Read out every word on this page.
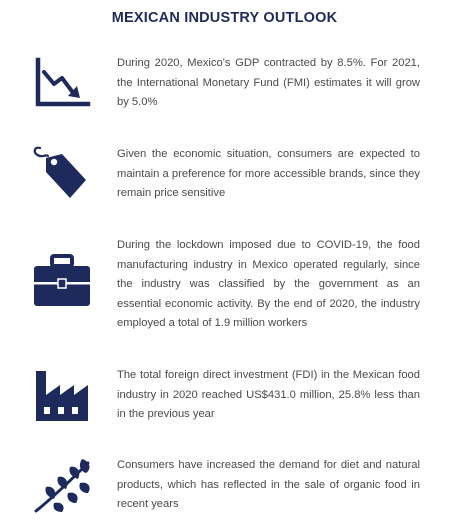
MEXICAN INDUSTRY OUTLOOK
During 2020, Mexico's GDP contracted by 8.5%. For 2021, the International Monetary Fund (FMI) estimates it will grow by 5.0%
Given the economic situation, consumers are expected to maintain a preference for more accessible brands, since they remain price sensitive
During the lockdown imposed due to COVID-19, the food manufacturing industry in Mexico operated regularly, since the industry was classified by the government as an essential economic activity. By the end of 2020, the industry employed a total of 1.9 million workers
The total foreign direct investment (FDI) in the Mexican food industry in 2020 reached US$431.0 million, 25.8% less than in the previous year
Consumers have increased the demand for diet and natural products, which has reflected in the sale of organic food in recent years
